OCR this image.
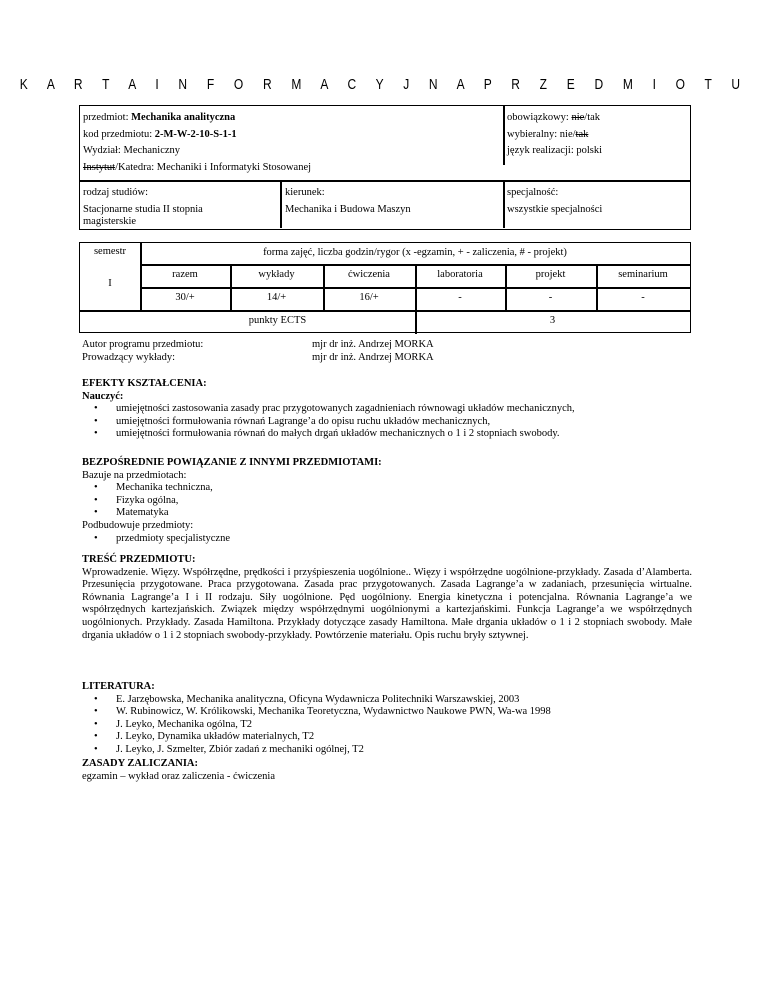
K A R T A I N F O R M A C Y J N A P R Z E D M I O T U

przedmiot: Mechanika analityczna

kod przedmiotu: 2-M-W-2-10-S-1-1

Wydział: Mechaniczny

Instytut/Katedra: Mechaniki i Informatyki Stosowanej

obowiązkowy: nie/tak

wybieralny: nie/tak

język realizacji: polski

rodzaj studiów:

Stacjonarne studia II stopnia

magisterskie

kierunek:

Mechanika i Budowa Maszyn

specjalność:

wszystkie specjalności

semestr	forma zajęć, liczba godzin/rygor (x -egzamin, + - zaliczenia, # - projekt)
I
razem	wykłady	ćwiczenia	laboratoria	projekt	seminarium
30/+	14/+	16/+	-	-	-
punkty ECTS	3

Autor programu przedmiotu:	mjr dr inż. Andrzej MORKA

Prowadzący wykłady:	mjr dr inż. Andrzej MORKA

EFEKTY KSZTAŁCENIA:

Nauczyć:

• umiejętności zastosowania zasady prac przygotowanych zagadnieniach równowagi układów mechanicznych,
• umiejętności formułowania równań Lagrange’a do opisu ruchu układów mechanicznych,
• umiejętności formułowania równań do małych drgań układów mechanicznych o 1 i 2 stopniach swobody.

BEZPOŚREDNIE POWIĄZANIE Z INNYMI PRZEDMIOTAMI:

Bazuje na przedmiotach:

• Mechanika techniczna,
• Fizyka ogólna,
• Matematyka

Podbudowuje przedmioty:

• przedmioty specjalistyczne

TREŚĆ PRZEDMIOTU:

Wprowadzenie. Więzy. Współrzędne, prędkości i przyśpieszenia uogólnione.. Więzy i współrzędne uogólnione-przykłady. Zasada d’Alamberta. Przesunięcia przygotowane. Praca przygotowana. Zasada prac przygotowanych. Zasada Lagrange’a w zadaniach, przesunięcia wirtualne. Równania Lagrange’a I i II rodzaju. Siły uogólnione. Pęd uogólniony. Energia kinetyczna i potencjalna. Równania Lagrange’a we współrzędnych kartezjańskich. Związek między współrzędnymi uogólnionymi a kartezjańskimi. Funkcja Lagrange’a we współrzędnych uogólnionych. Przykłady. Zasada Hamiltona. Przykłady dotyczące zasady Hamiltona. Małe drgania układów o 1 i 2 stopniach swobody. Małe drgania układów o 1 i 2 stopniach swobody-przykłady. Powtórzenie materiału. Opis ruchu bryły sztywnej.

LITERATURA:

• E. Jarzębowska, Mechanika analityczna, Oficyna Wydawnicza Politechniki Warszawskiej, 2003
• W. Rubinowicz, W. Królikowski, Mechanika Teoretyczna, Wydawnictwo Naukowe PWN, Wa-wa 1998
• J. Leyko, Mechanika ogólna, T2
• J. Leyko, Dynamika układów materialnych, T2
• J. Leyko, J. Szmelter, Zbiór zadań z mechaniki ogólnej, T2

ZASADY ZALICZANIA:

egzamin – wykład oraz zaliczenia - ćwiczenia
